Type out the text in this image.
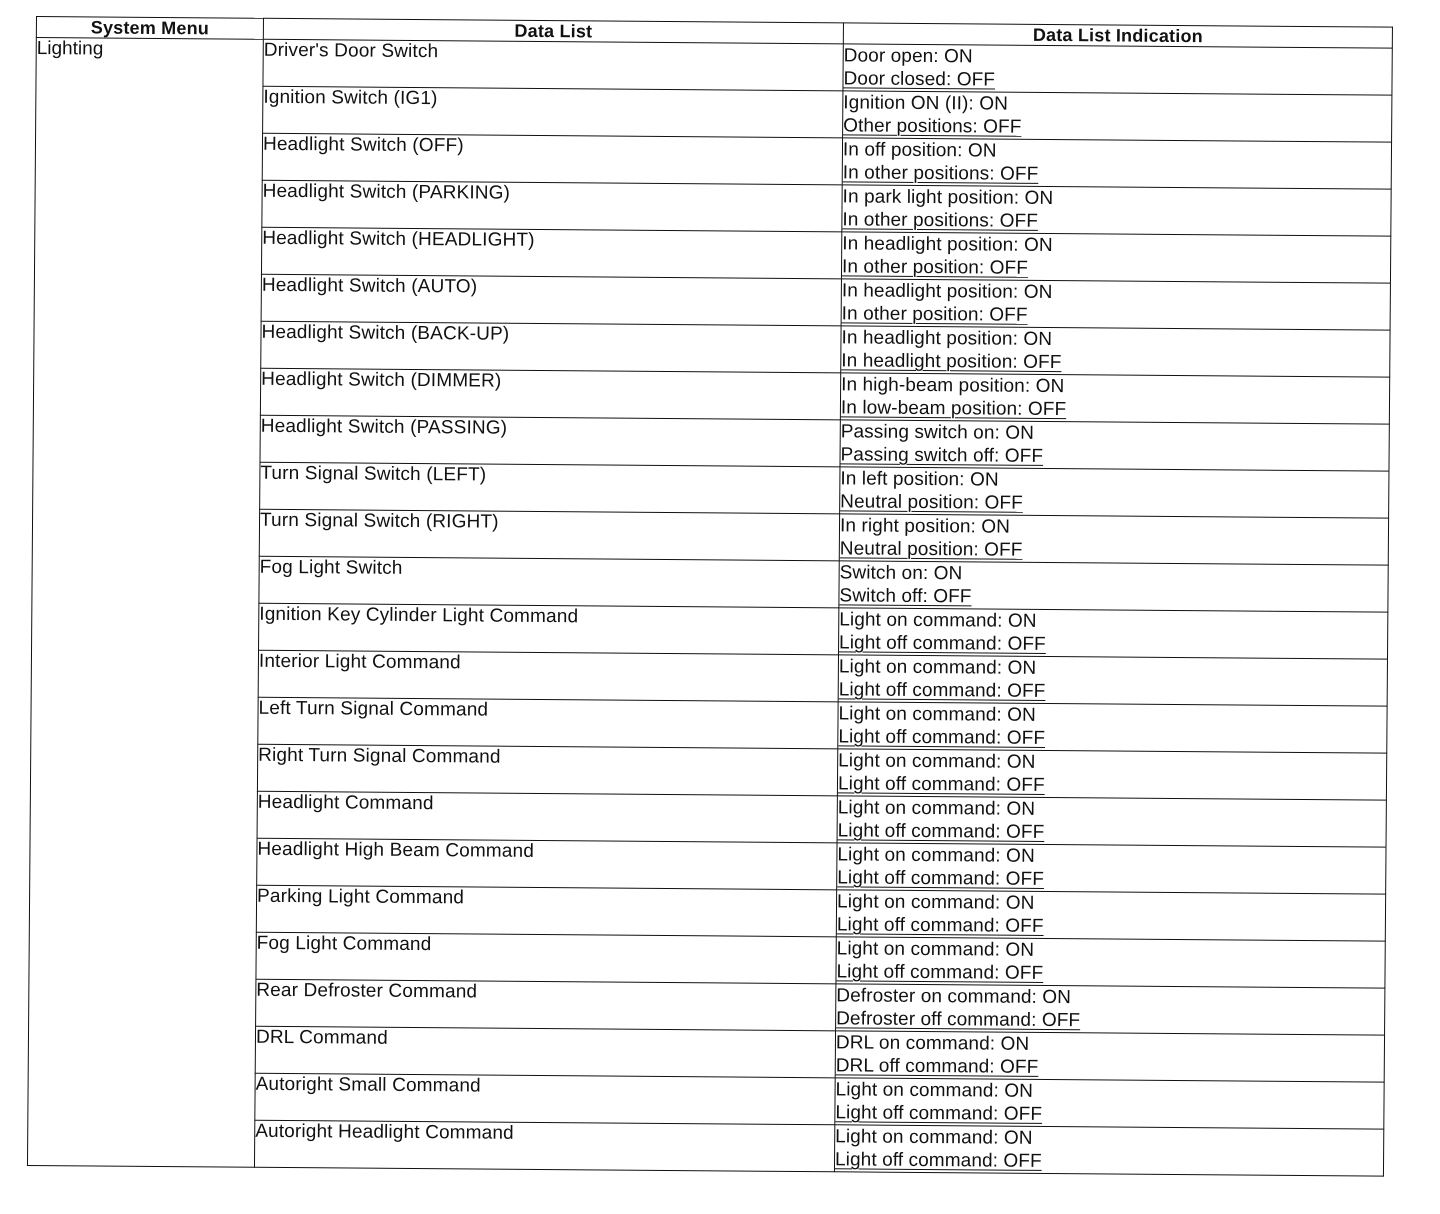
System Menu	Data List	Data List Indication
Lighting	Driver's Door Switch	Door open: ON
Door closed: OFF

	Ignition Switch (IG1)	Ignition ON (II): ON
Other positions: OFF

	Headlight Switch (OFF)	In off position: ON
In other positions: OFF

	Headlight Switch (PARKING)	In park light position: ON
In other positions: OFF

	Headlight Switch (HEADLIGHT)	In headlight position: ON
In other position: OFF

	Headlight Switch (AUTO)	In headlight position: ON
In other position: OFF

	Headlight Switch (BACK-UP)	In headlight position: ON
In headlight position: OFF

	Headlight Switch (DIMMER)	In high-beam position: ON
In low-beam position: OFF

	Headlight Switch (PASSING)	Passing switch on: ON
Passing switch off: OFF

	Turn Signal Switch (LEFT)	In left position: ON
Neutral position: OFF

	Turn Signal Switch (RIGHT)	In right position: ON
Neutral position: OFF

	Fog Light Switch	Switch on: ON
Switch off: OFF

	Ignition Key Cylinder Light Command	Light on command: ON
Light off command: OFF

	Interior Light Command	Light on command: ON
Light off command: OFF

	Left Turn Signal Command	Light on command: ON
Light off command: OFF

	Right Turn Signal Command	Light on command: ON
Light off command: OFF

	Headlight Command	Light on command: ON
Light off command: OFF

	Headlight High Beam Command	Light on command: ON
Light off command: OFF

	Parking Light Command	Light on command: ON
Light off command: OFF

	Fog Light Command	Light on command: ON
Light off command: OFF

	Rear Defroster Command	Defroster on command: ON
Defroster off command: OFF

	DRL Command	DRL on command: ON
DRL off command: OFF

	Autoright Small Command	Light on command: ON
Light off command: OFF

	Autoright Headlight Command	Light on command: ON
Light off command: OFF
